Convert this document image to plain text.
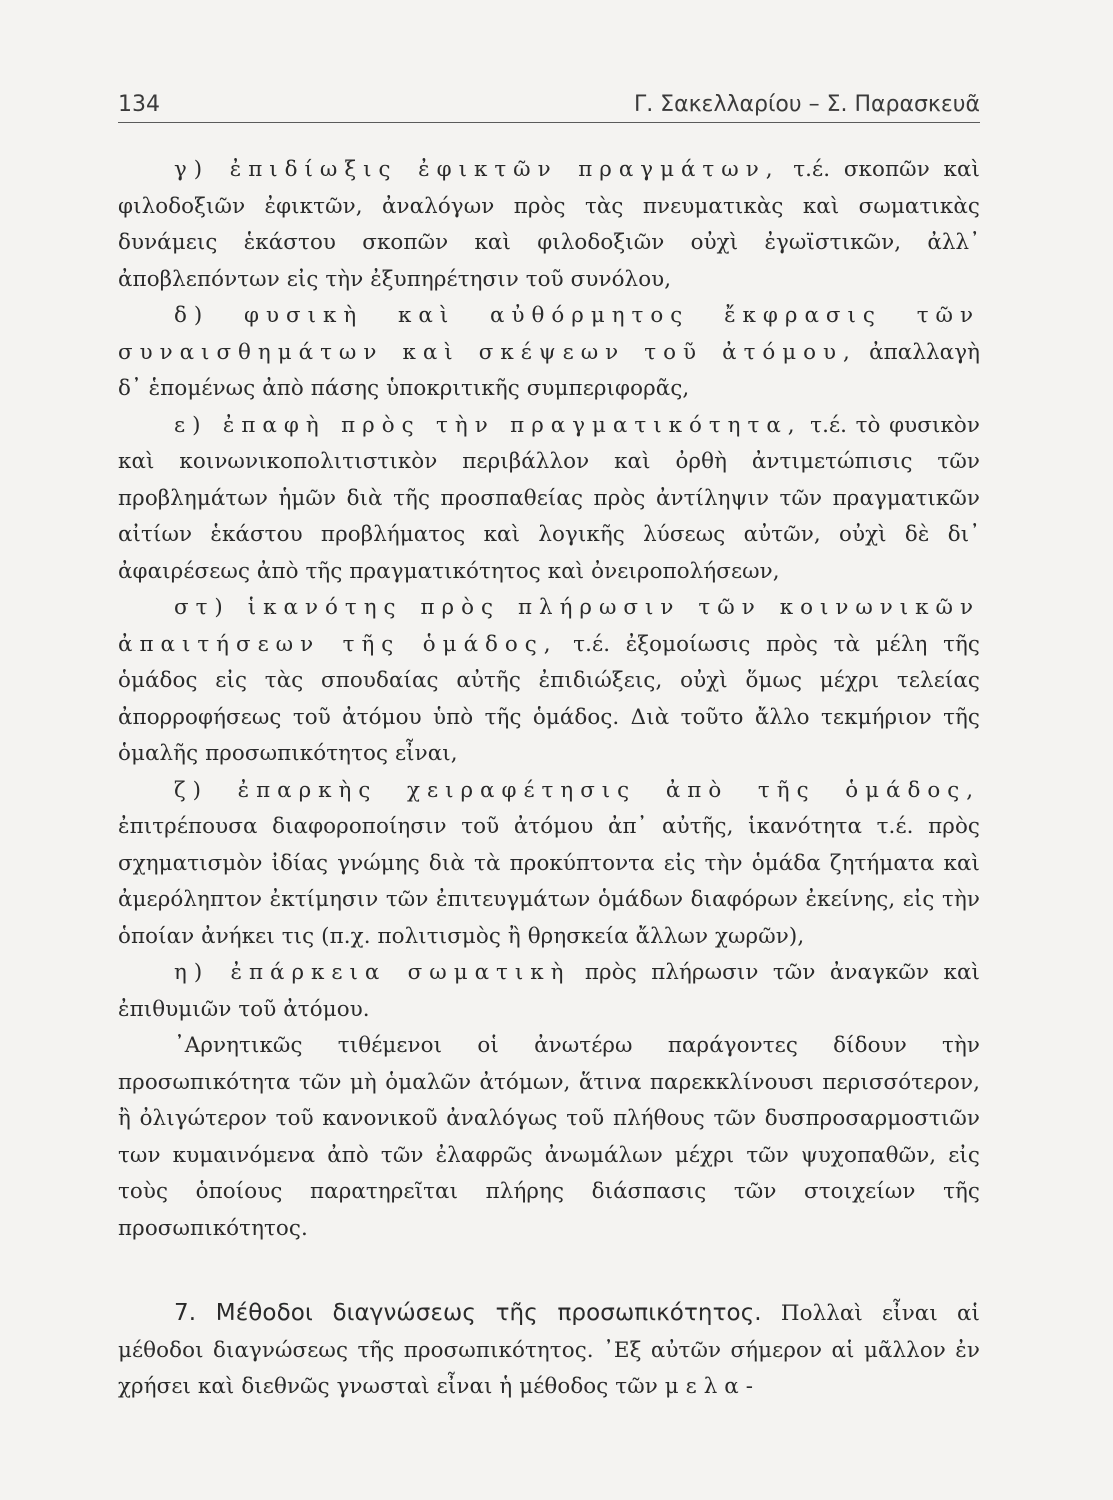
134	Γ. Σακελλαρίου – Σ. Παρασκευᾶ

γ) ἐπιδίωξις ἐφικτῶν πραγμάτων, τ.έ. σκοπῶν καὶ φιλοδοξιῶν ἐφικτῶν, ἀναλόγων πρὸς τὰς πνευματικὰς καὶ σωματικὰς δυνάμεις ἑκάστου σκοπῶν καὶ φιλοδοξιῶν οὐχὶ ἐγωϊστικῶν, ἀλλ᾽ ἀποβλεπόντων εἰς τὴν ἐξυπηρέτησιν τοῦ συνόλου,

δ) φυσικὴ καὶ αὐθόρμητος ἔκφρασις τῶν συναισθημάτων καὶ σκέψεων τοῦ ἀτόμου, ἀπαλλαγὴ δ᾽ ἑπομένως ἀπὸ πάσης ὑποκριτικῆς συμπεριφορᾶς,

ε) ἐπαφὴ πρὸς τὴν πραγματικότητα, τ.έ. τὸ φυσικὸν καὶ κοινωνικοπολιτιστικὸν περιβάλλον καὶ ὀρθὴ ἀντιμετώπισις τῶν προβλημάτων ἡμῶν διὰ τῆς προσπαθείας πρὸς ἀντίληψιν τῶν πραγματικῶν αἰτίων ἑκάστου προβλήματος καὶ λογικῆς λύσεως αὐτῶν, οὐχὶ δὲ δι᾽ ἀφαιρέσεως ἀπὸ τῆς πραγματικότητος καὶ ὀνειροπολήσεων,

στ) ἱκανότης πρὸς πλήρωσιν τῶν κοινωνικῶν ἀπαιτήσεων τῆς ὁμάδος, τ.έ. ἐξομοίωσις πρὸς τὰ μέλη τῆς ὁμάδος εἰς τὰς σπουδαίας αὐτῆς ἐπιδιώξεις, οὐχὶ ὅμως μέχρι τελείας ἀπορροφήσεως τοῦ ἀτόμου ὑπὸ τῆς ὁμάδος. Διὰ τοῦτο ἄλλο τεκμήριον τῆς ὁμαλῆς προσωπικότητος εἶναι,

ζ) ἐπαρκὴς χειραφέτησις ἀπὸ τῆς ὁμάδος, ἐπιτρέπουσα διαφοροποίησιν τοῦ ἀτόμου ἀπ᾽ αὐτῆς, ἱκανότητα τ.έ. πρὸς σχηματισμὸν ἰδίας γνώμης διὰ τὰ προκύπτοντα εἰς τὴν ὁμάδα ζητήματα καὶ ἀμερόληπτον ἐκτίμησιν τῶν ἐπιτευγμάτων ὁμάδων διαφόρων ἐκείνης, εἰς τὴν ὁποίαν ἀνήκει τις (π.χ. πολιτισμὸς ἢ θρησκεία ἄλλων χωρῶν),

η) ἐπάρκεια σωματικὴ πρὸς πλήρωσιν τῶν ἀναγκῶν καὶ ἐπιθυμιῶν τοῦ ἀτόμου.

᾽Αρνητικῶς τιθέμενοι οἱ ἀνωτέρω παράγοντες δίδουν τὴν προσωπικότητα τῶν μὴ ὁμαλῶν ἀτόμων, ἅτινα παρεκκλίνουσι περισσότερον, ἢ ὀλιγώτερον τοῦ κανονικοῦ ἀναλόγως τοῦ πλήθους τῶν δυσπροσαρμοστιῶν των κυμαινόμενα ἀπὸ τῶν ἐλαφρῶς ἀνωμάλων μέχρι τῶν ψυχοπαθῶν, εἰς τοὺς ὁποίους παρατηρεῖται πλήρης διάσπασις τῶν στοιχείων τῆς προσωπικότητος.

7. Μέθοδοι διαγνώσεως τῆς προσωπικότητος. Πολλαὶ εἶναι αἱ μέθοδοι διαγνώσεως τῆς προσωπικότητος. ᾽Εξ αὐτῶν σήμερον αἱ μᾶλλον ἐν χρήσει καὶ διεθνῶς γνωσταὶ εἶναι ἡ μέθοδος τῶν μελα-
